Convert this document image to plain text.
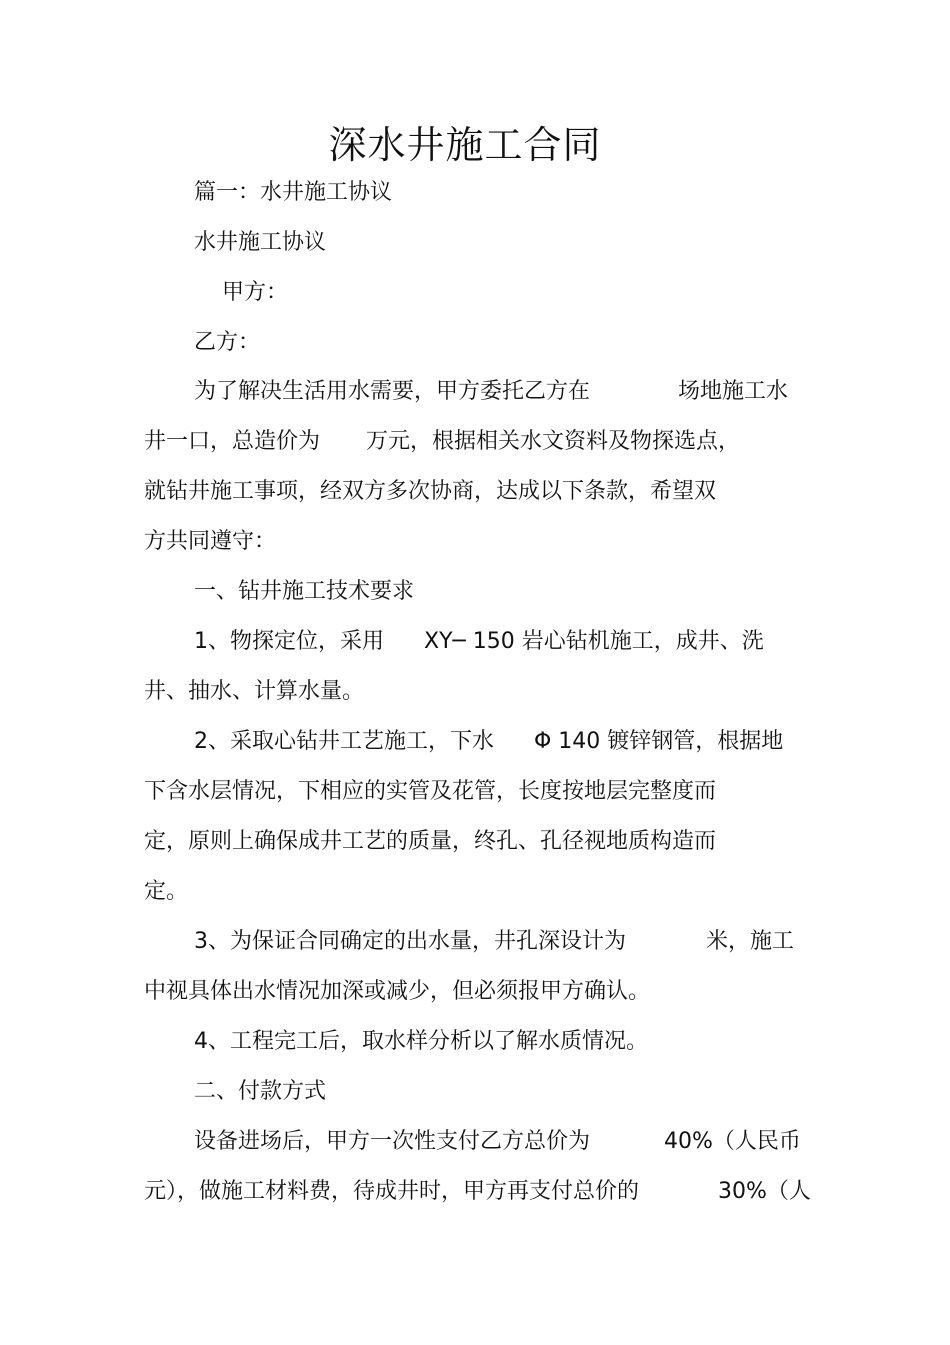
深水井施工合同
篇一：水井施工协议
水井施工协议
甲方：
乙方：
为了解决生活用水需要，甲方委托乙方在	场地施工水
井一口，总造价为 万元，根据相关水文资料及物探选点，
就钻井施工事项，经双方多次协商，达成以下条款，希望双
方共同遵守：
一、钻井施工技术要求
1、物探定位，采用 XY─ 150 岩心钻机施工，成井、洗
井、抽水、计算水量。
2、采取心钻井工艺施工，下水 Φ 140 镀锌钢管，根据地
下含水层情况，下相应的实管及花管，长度按地层完整度而
定，原则上确保成井工艺的质量，终孔、孔径视地质构造而
定。
3、为保证合同确定的出水量，井孔深设计为	米，施工
中视具体出水情况加深或减少，但必须报甲方确认。
4、工程完工后，取水样分析以了解水质情况。
二、付款方式
设备进场后，甲方一次性支付乙方总价为	40%（人民币
元），做施工材料费，待成井时，甲方再支付总价的	30%（人
